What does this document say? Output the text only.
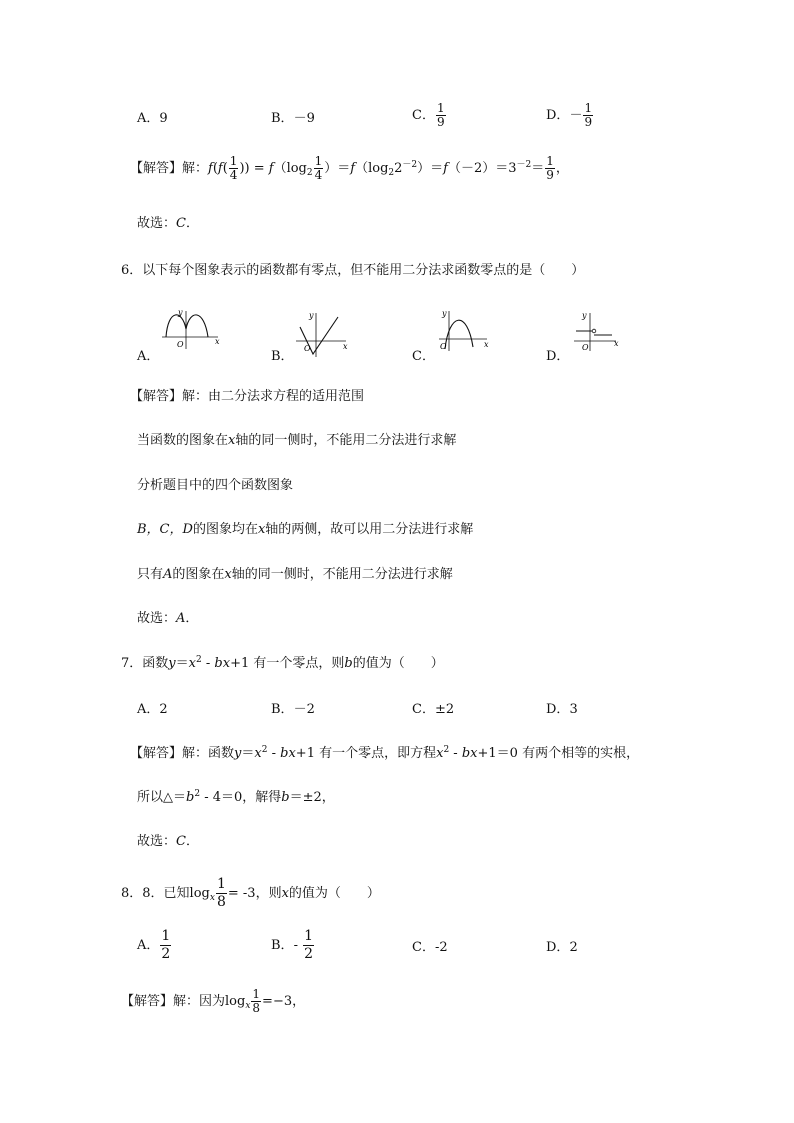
A．9	B．－9	C． $\frac{1}{9}$	D．－ $\frac{1}{9}$
【解答】解：$f(f( \frac{1}{4}$ )) = $f(\log_2 \frac{1}{4} )=f(\log_22^{-2})=f(-2)=3^{-2}= \frac{1}{9}$ ，
故选：C．
6．以下每个图象表示的函数都有零点，但不能用二分法求函数零点的是（　　）
A．
y
O	x
B．
y
O	x
C．
y
O	x
D．
y
O	x
【解答】解：由二分法求方程的适用范围
当函数的图象在x轴的同一侧时，不能用二分法进行求解
分析题目中的四个函数图象
B，C，D的图象均在x轴的两侧，故可以用二分法进行求解
只有A的图象在x轴的同一侧时，不能用二分法进行求解
故选：A．
7．函数$y=x^2 - bx+1$ 有一个零点，则b的值为（　　）
A．2	B．－2	C．±2	D．3
【解答】解：函数$y=x^2 - bx+1$ 有一个零点，即方程$x^2 - bx+1=0$ 有两个相等的实根，
所以$\triangle=b^2 - 4=0$，解得b＝±2，
故选：C．
8．8．已知$\log_x \frac{1}{8} = -3$，则x的值为（　　）
A． $\frac{1}{2}$	B．- $\frac{1}{2}$	C．-2	D．2
【解答】解：因为$\log_x \frac{1}{8} =-3$，
